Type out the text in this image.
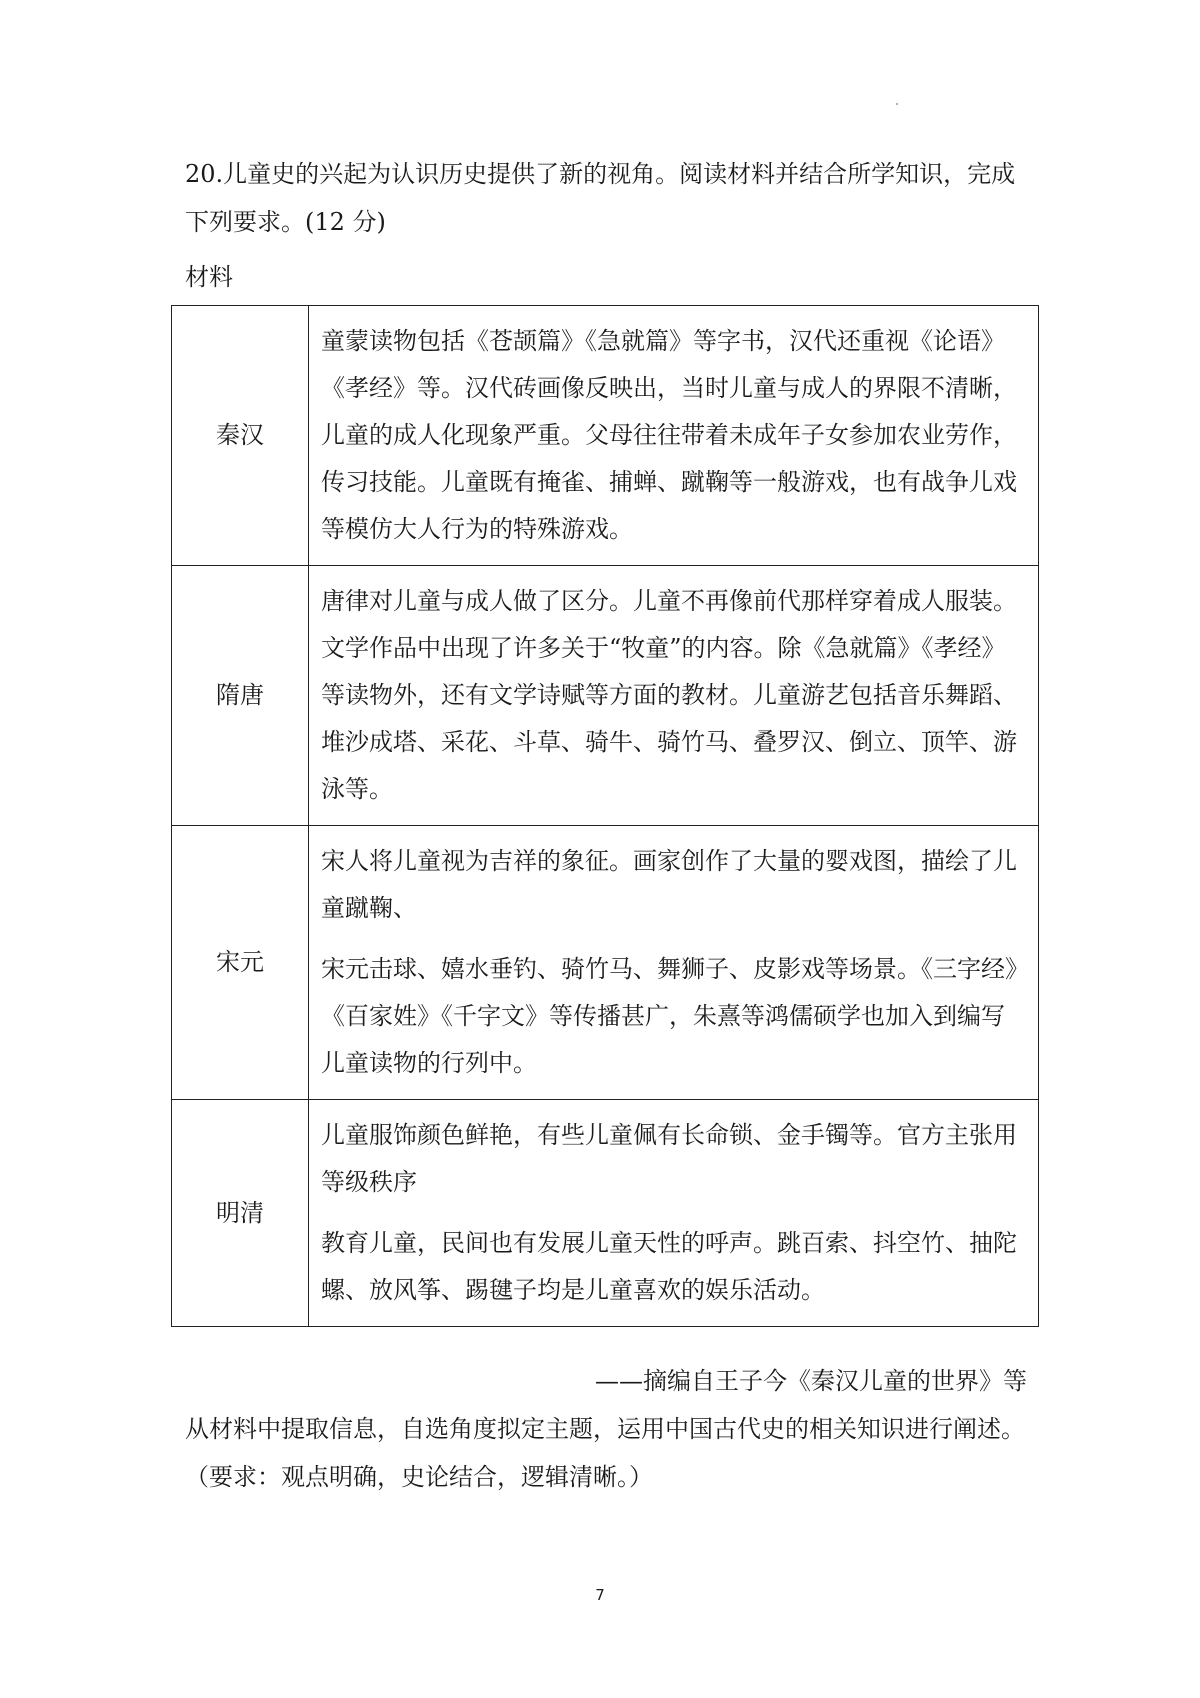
20.儿童史的兴起为认识历史提供了新的视角。阅读材料并结合所学知识，完成下列要求。(12 分)

材料

秦汉	童蒙读物包括《苍颉篇》《急就篇》等字书，汉代还重视《论语》《孝经》等。汉代砖画像反映出，当时儿童与成人的界限不清晰，儿童的成人化现象严重。父母往往带着未成年子女参加农业劳作，传习技能。儿童既有掩雀、捕蝉、蹴鞠等一般游戏，也有战争儿戏等模仿大人行为的特殊游戏。

隋唐	唐律对儿童与成人做了区分。儿童不再像前代那样穿着成人服装。文学作品中出现了许多关于“牧童”的内容。除《急就篇》《孝经》等读物外，还有文学诗赋等方面的教材。儿童游艺包括音乐舞蹈、堆沙成塔、采花、斗草、骑牛、骑竹马、叠罗汉、倒立、顶竿、游泳等。

宋元	宋人将儿童视为吉祥的象征。画家创作了大量的婴戏图，描绘了儿童蹴鞠、

宋元击球、嬉水垂钓、骑竹马、舞狮子、皮影戏等场景。《三字经》《百家姓》《千字文》等传播甚广，朱熹等鸿儒硕学也加入到编写儿童读物的行列中。

明清	儿童服饰颜色鲜艳，有些儿童佩有长命锁、金手镯等。官方主张用等级秩序

教育儿童，民间也有发展儿童天性的呼声。跳百索、抖空竹、抽陀螺、放风筝、踢毽子均是儿童喜欢的娱乐活动。

——摘编自王子今《秦汉儿童的世界》等

从材料中提取信息，自选角度拟定主题，运用中国古代史的相关知识进行阐述。（要求：观点明确，史论结合，逻辑清晰。）

7
